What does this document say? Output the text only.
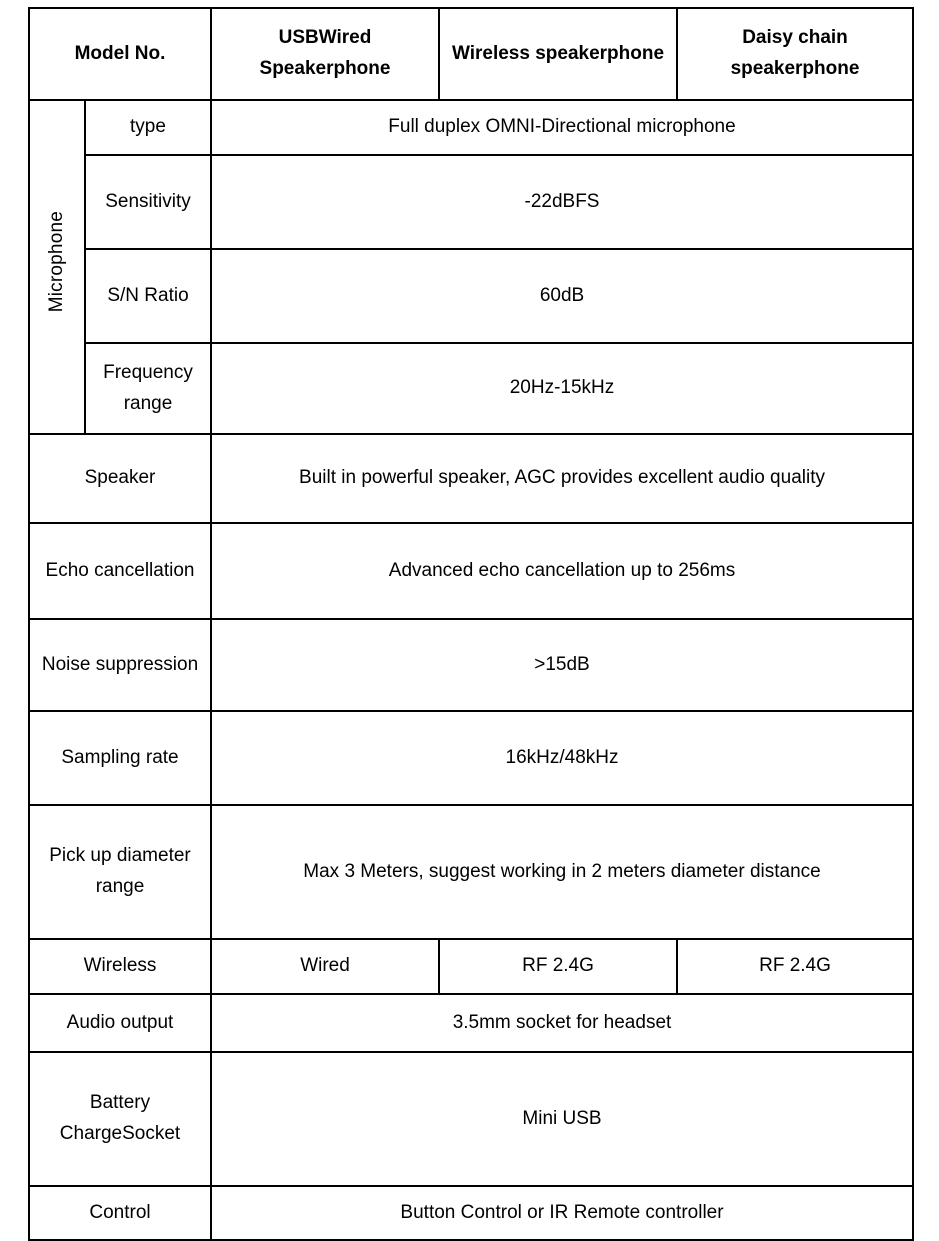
Model No.		USBWired Speakerphone	Wireless speakerphone	Daisy chain speakerphone
Microphone	type	Full duplex OMNI-Directional microphone		
	Sensitivity	-22dBFS		
	S/N Ratio	60dB		
	Frequency range	20Hz-15kHz		
Speaker		Built in powerful speaker, AGC provides excellent audio quality		
Echo cancellation		Advanced echo cancellation up to 256ms		
Noise suppression		>15dB		
Sampling rate		16kHz/48kHz		
Pick up diameter range		Max 3 Meters, suggest working in 2 meters diameter distance		
Wireless		Wired	RF 2.4G	RF 2.4G
Audio output		3.5mm socket for headset		
Battery ChargeSocket		Mini USB		
Control		Button Control or IR Remote controller		
